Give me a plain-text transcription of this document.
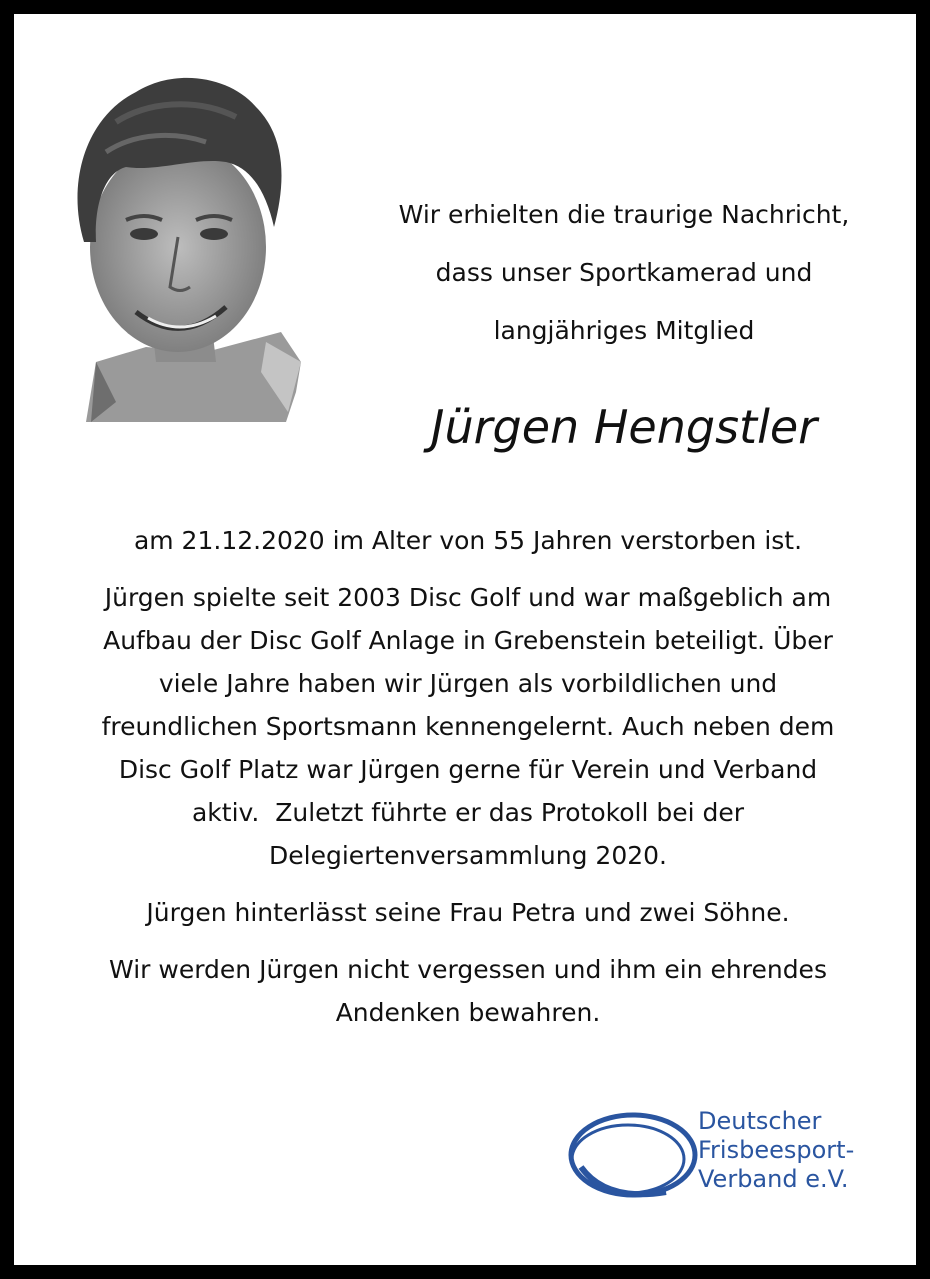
Wir erhielten die traurige Nachricht,
dass unser Sportkamerad und
langjähriges Mitglied
Jürgen Hengstler

am 21.12.2020 im Alter von 55 Jahren verstorben ist.

Jürgen spielte seit 2003 Disc Golf und war maßgeblich am

Aufbau der Disc Golf Anlage in Grebenstein beteiligt. Über

viele Jahre haben wir Jürgen als vorbildlichen und

freundlichen Sportsmann kennengelernt. Auch neben dem

Disc Golf Platz war Jürgen gerne für Verein und Verband

aktiv.  Zuletzt führte er das Protokoll bei der

Delegiertenversammlung 2020.

Jürgen hinterlässt seine Frau Petra und zwei Söhne.

Wir werden Jürgen nicht vergessen und ihm ein ehrendes

Andenken bewahren.

Deutscher
Frisbeesport-
Verband e.V.
